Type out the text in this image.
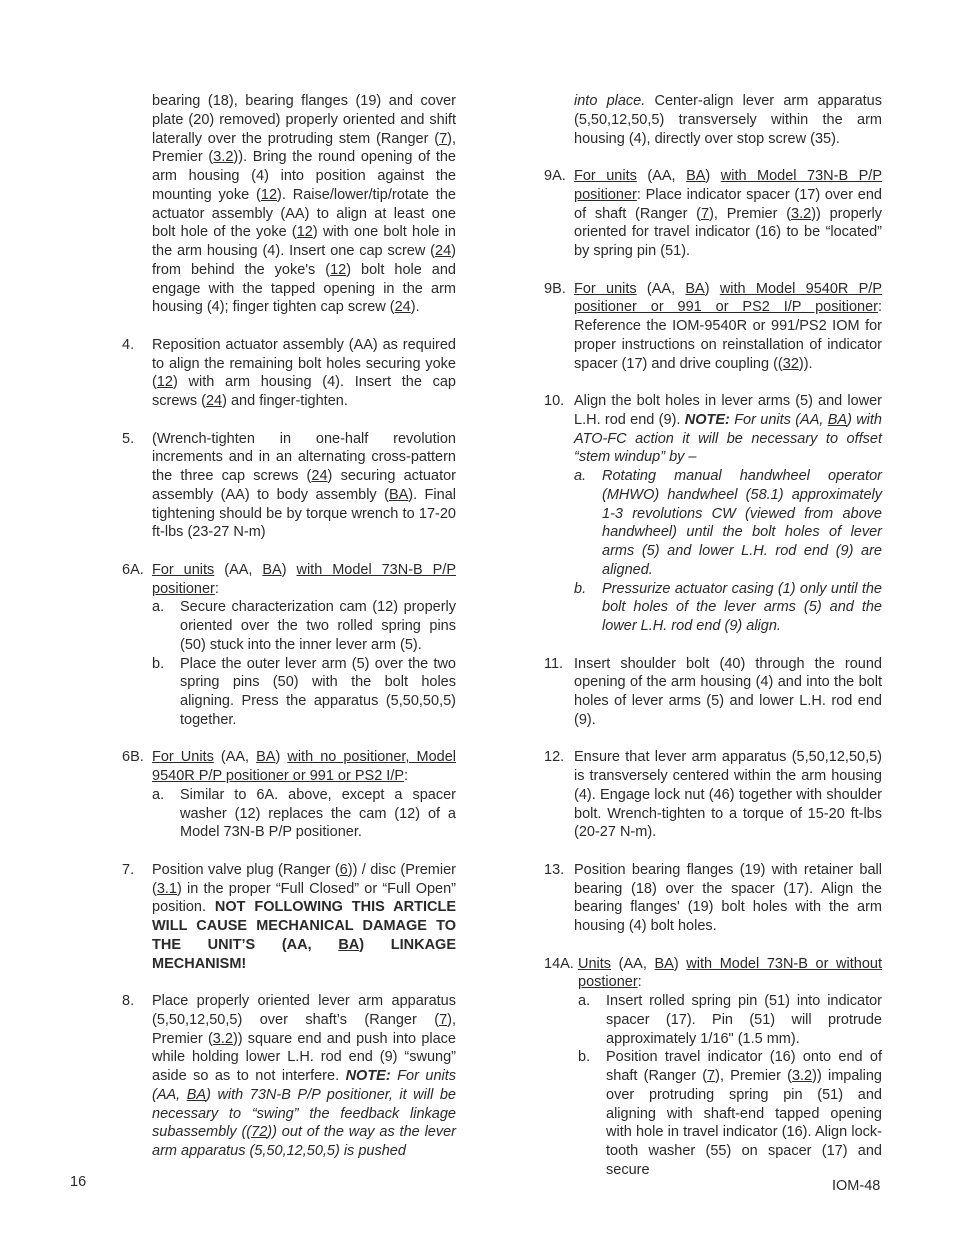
bearing (18), bearing flanges (19) and cover plate (20) removed) properly oriented and shift laterally over the protruding stem (Ranger (7), Premier (3.2)). Bring the round opening of the arm housing (4) into position against the mounting yoke (12). Raise/lower/tip/rotate the actuator assembly (AA) to align at least one bolt hole of the yoke (12) with one bolt hole in the arm housing (4). Insert one cap screw (24) from behind the yoke's (12) bolt hole and engage with the tapped opening in the arm housing (4); finger tighten cap screw (24).
4.	Reposition actuator assembly (AA) as required to align the remaining bolt holes securing yoke (12) with arm housing (4). Insert the cap screws (24) and finger-tighten.
5.	(Wrench-tighten in one-half revolution increments and in an alternating cross-pattern the three cap screws (24) securing actuator assembly (AA) to body assembly (BA). Final tightening should be by torque wrench to 17-20 ft-lbs (23-27 N-m)
6A. For units (AA, BA) with Model 73N-B P/P positioner:
a.	Secure characterization cam (12) properly oriented over the two rolled spring pins (50) stuck into the inner lever arm (5).
b.	Place the outer lever arm (5) over the two spring pins (50) with the bolt holes aligning. Press the apparatus (5,50,50,5) together.
6B. For Units (AA, BA) with no positioner, Model 9540R P/P positioner or 991 or PS2 I/P:
a.	Similar to 6A. above, except a spacer washer (12) replaces the cam (12) of a Model 73N-B P/P positioner.
7.	Position valve plug (Ranger (6)) / disc (Premier (3.1) in the proper “Full Closed” or “Full Open” position. NOT FOLLOWING THIS ARTICLE WILL CAUSE MECHANICAL DAMAGE TO THE UNIT’S (AA, BA) LINKAGE MECHANISM!
8.	Place properly oriented lever arm apparatus (5,50,12,50,5) over shaft’s (Ranger (7), Premier (3.2)) square end and push into place while holding lower L.H. rod end (9) “swung” aside so as to not interfere. NOTE: For units (AA, BA) with 73N-B P/P positioner, it will be necessary to “swing” the feedback linkage subassembly ((72)) out of the way as the lever arm apparatus (5,50,12,50,5) is pushed
into place. Center-align lever arm apparatus (5,50,12,50,5) transversely within the arm housing (4), directly over stop screw (35).
9A. For units (AA, BA) with Model 73N-B P/P positioner: Place indicator spacer (17) over end of shaft (Ranger (7), Premier (3.2)) properly oriented for travel indicator (16) to be “located” by spring pin (51).
9B. For units (AA, BA) with Model 9540R P/P positioner or 991 or PS2 I/P positioner: Reference the IOM-9540R or 991/PS2 IOM for proper instructions on reinstallation of indicator spacer (17) and drive coupling ((32)).
10. Align the bolt holes in lever arms (5) and lower L.H. rod end (9). NOTE: For units (AA, BA) with ATO-FC action it will be necessary to offset “stem windup” by –
a.	Rotating manual handwheel operator (MHWO) handwheel (58.1) approximately 1-3 revolutions CW (viewed from above handwheel) until the bolt holes of lever arms (5) and lower L.H. rod end (9) are aligned.
b.	Pressurize actuator casing (1) only until the bolt holes of the lever arms (5) and the lower L.H. rod end (9) align.
11. Insert shoulder bolt (40) through the round opening of the arm housing (4) and into the bolt holes of lever arms (5) and lower L.H. rod end (9).
12. Ensure that lever arm apparatus (5,50,12,50,5) is transversely centered within the arm housing (4). Engage lock nut (46) together with shoulder bolt. Wrench-tighten to a torque of 15-20 ft-lbs (20-27 N-m).
13. Position bearing flanges (19) with retainer ball bearing (18) over the spacer (17). Align the bearing flanges' (19) bolt holes with the arm housing (4) bolt holes.
14A. Units (AA, BA) with Model 73N-B or without postioner:
a.	Insert rolled spring pin (51) into indicator spacer (17). Pin (51) will protrude approximately 1/16" (1.5 mm).
b.	Position travel indicator (16) onto end of shaft (Ranger (7), Premier (3.2)) impaling over protruding spring pin (51) and aligning with shaft-end tapped opening with hole in travel indicator (16). Align lock-tooth washer (55) on spacer (17) and secure
16	IOM-48
